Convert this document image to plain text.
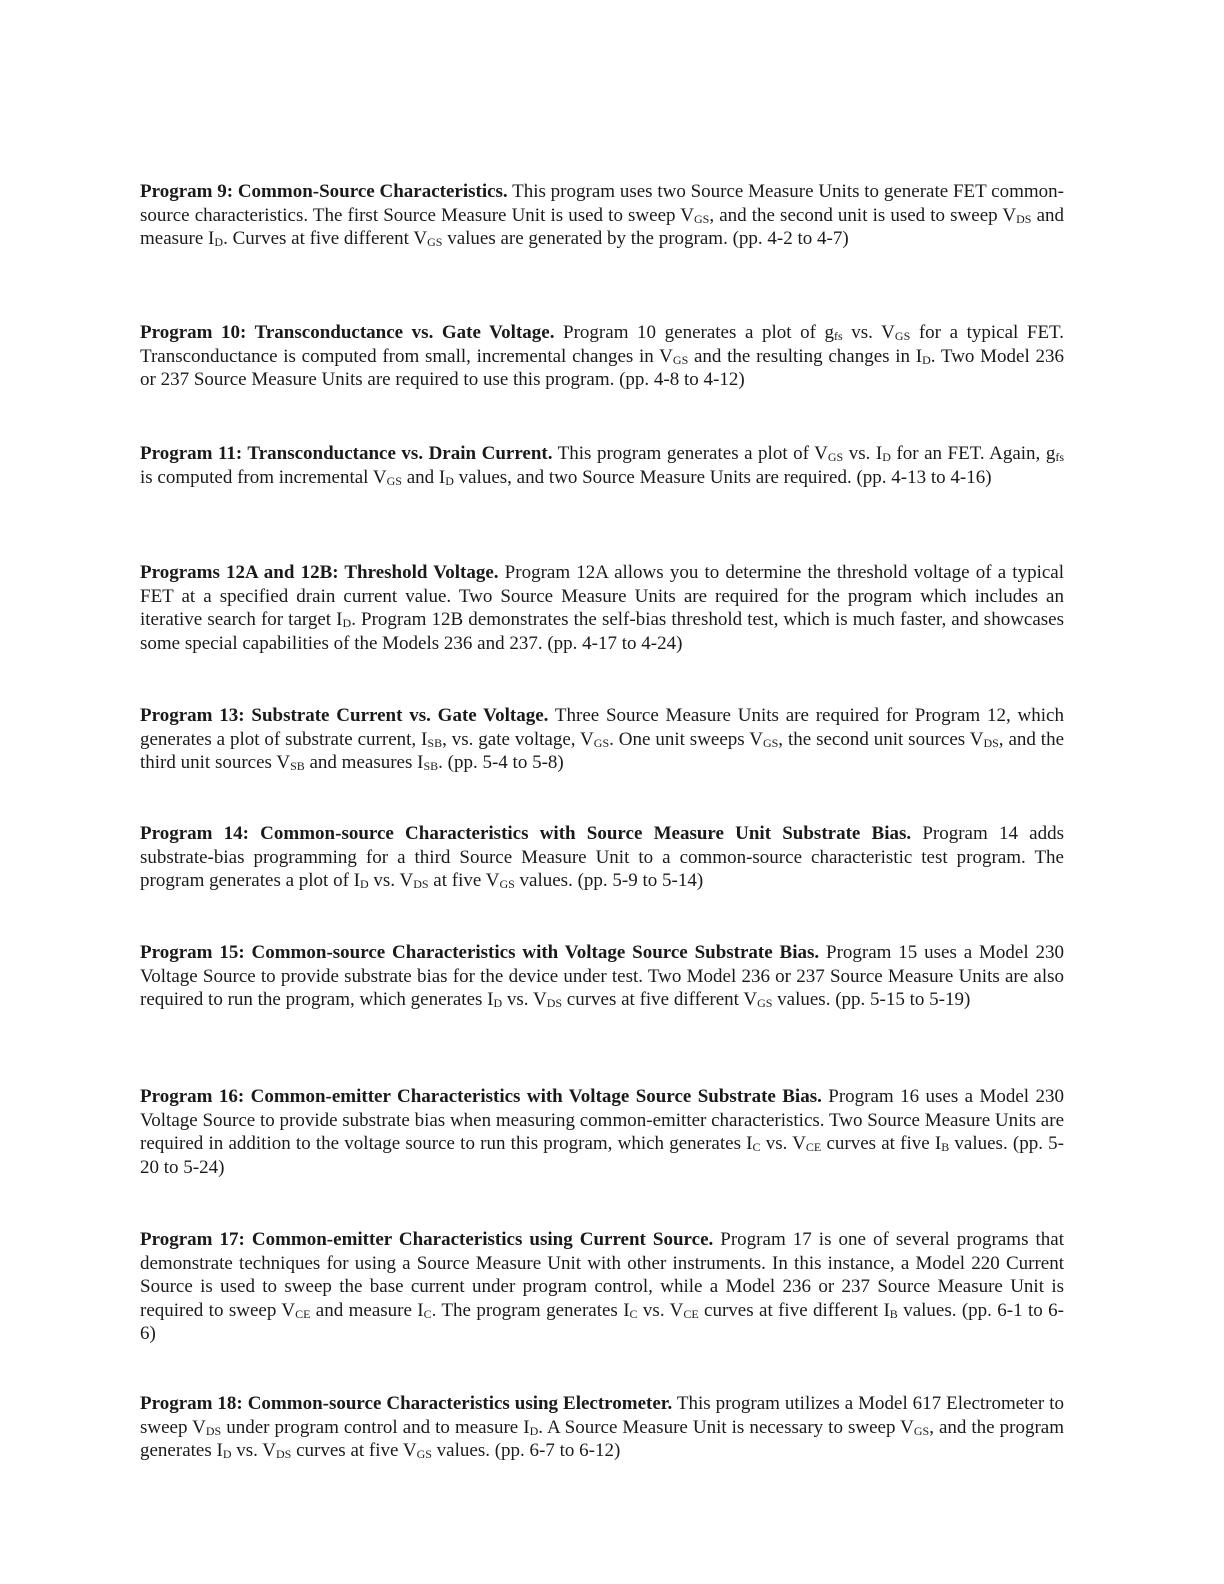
Program 9: Common-Source Characteristics. This program uses two Source Measure Units to generate FET common-source characteristics. The first Source Measure Unit is used to sweep $V_{GS}$, and the second unit is used to sweep $V_{DS}$ and measure $I_D$. Curves at five different $V_{GS}$ values are generated by the program. (pp. 4-2 to 4-7)

Program 10: Transconductance vs. Gate Voltage. Program 10 generates a plot of $g_{fs}$ vs. $V_{GS}$ for a typical FET. Transconductance is computed from small, incremental changes in $V_{GS}$ and the resulting changes in $I_D$. Two Model 236 or 237 Source Measure Units are required to use this program. (pp. 4-8 to 4-12)

Program 11: Transconductance vs. Drain Current. This program generates a plot of $V_{GS}$ vs. $I_D$ for an FET. Again, $g_{fs}$ is computed from incremental $V_{GS}$ and $I_D$ values, and two Source Measure Units are required. (pp. 4-13 to 4-16)

Programs 12A and 12B: Threshold Voltage. Program 12A allows you to determine the threshold voltage of a typical FET at a specified drain current value. Two Source Measure Units are required for the program which includes an iterative search for target $I_D$. Program 12B demonstrates the self-bias threshold test, which is much faster, and showcases some special capabilities of the Models 236 and 237. (pp. 4-17 to 4-24)

Program 13: Substrate Current vs. Gate Voltage. Three Source Measure Units are required for Program 12, which generates a plot of substrate current, $I_{SB}$, vs. gate voltage, $V_{GS}$. One unit sweeps $V_{GS}$, the second unit sources $V_{DS}$, and the third unit sources $V_{SB}$ and measures $I_{SB}$. (pp. 5-4 to 5-8)

Program 14: Common-source Characteristics with Source Measure Unit Substrate Bias. Program 14 adds substrate-bias programming for a third Source Measure Unit to a common-source characteristic test program. The program generates a plot of $I_D$ vs. $V_{DS}$ at five $V_{GS}$ values. (pp. 5-9 to 5-14)

Program 15: Common-source Characteristics with Voltage Source Substrate Bias. Program 15 uses a Model 230 Voltage Source to provide substrate bias for the device under test. Two Model 236 or 237 Source Measure Units are also required to run the program, which generates $I_D$ vs. $V_{DS}$ curves at five different $V_{GS}$ values. (pp. 5-15 to 5-19)

Program 16: Common-emitter Characteristics with Voltage Source Substrate Bias. Program 16 uses a Model 230 Voltage Source to provide substrate bias when measuring common-emitter characteristics. Two Source Measure Units are required in addition to the voltage source to run this program, which generates $I_C$ vs. $V_{CE}$ curves at five $I_B$ values. (pp. 5-20 to 5-24)

Program 17: Common-emitter Characteristics using Current Source. Program 17 is one of several programs that demonstrate techniques for using a Source Measure Unit with other instruments. In this instance, a Model 220 Current Source is used to sweep the base current under program control, while a Model 236 or 237 Source Measure Unit is required to sweep $V_{CE}$ and measure $I_C$. The program generates $I_C$ vs. $V_{CE}$ curves at five different $I_B$ values. (pp. 6-1 to 6-6)

Program 18: Common-source Characteristics using Electrometer. This program utilizes a Model 617 Electrometer to sweep $V_{DS}$ under program control and to measure $I_D$. A Source Measure Unit is necessary to sweep $V_{GS}$, and the program generates $I_D$ vs. $V_{DS}$ curves at five $V_{GS}$ values. (pp. 6-7 to 6-12)
